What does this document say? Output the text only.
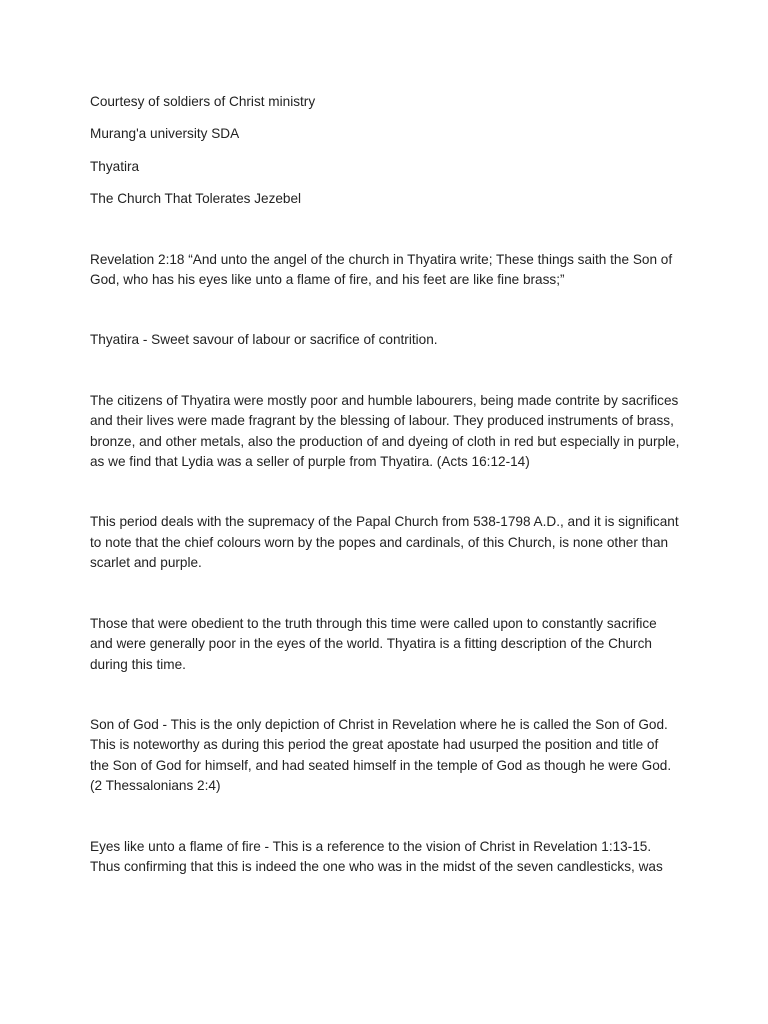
Courtesy of soldiers of Christ ministry

Murang'a university SDA

Thyatira

The Church That Tolerates Jezebel

Revelation 2:18 “And unto the angel of the church in Thyatira write; These things saith the Son of God, who has his eyes like unto a flame of fire, and his feet are like fine brass;”

Thyatira - Sweet savour of labour or sacrifice of contrition.

The citizens of Thyatira were mostly poor and humble labourers, being made contrite by sacrifices and their lives were made fragrant by the blessing of labour. They produced instruments of brass, bronze, and other metals, also the production of and dyeing of cloth in red but especially in purple, as we find that Lydia was a seller of purple from Thyatira. (Acts 16:12-14)

This period deals with the supremacy of the Papal Church from 538-1798 A.D., and it is significant to note that the chief colours worn by the popes and cardinals, of this Church, is none other than scarlet and purple.

Those that were obedient to the truth through this time were called upon to constantly sacrifice and were generally poor in the eyes of the world. Thyatira is a fitting description of the Church during this time.

Son of God - This is the only depiction of Christ in Revelation where he is called the Son of God. This is noteworthy as during this period the great apostate had usurped the position and title of the Son of God for himself, and had seated himself in the temple of God as though he were God. (2 Thessalonians 2:4)

Eyes like unto a flame of fire - This is a reference to the vision of Christ in Revelation 1:13-15. Thus confirming that this is indeed the one who was in the midst of the seven candlesticks, was
